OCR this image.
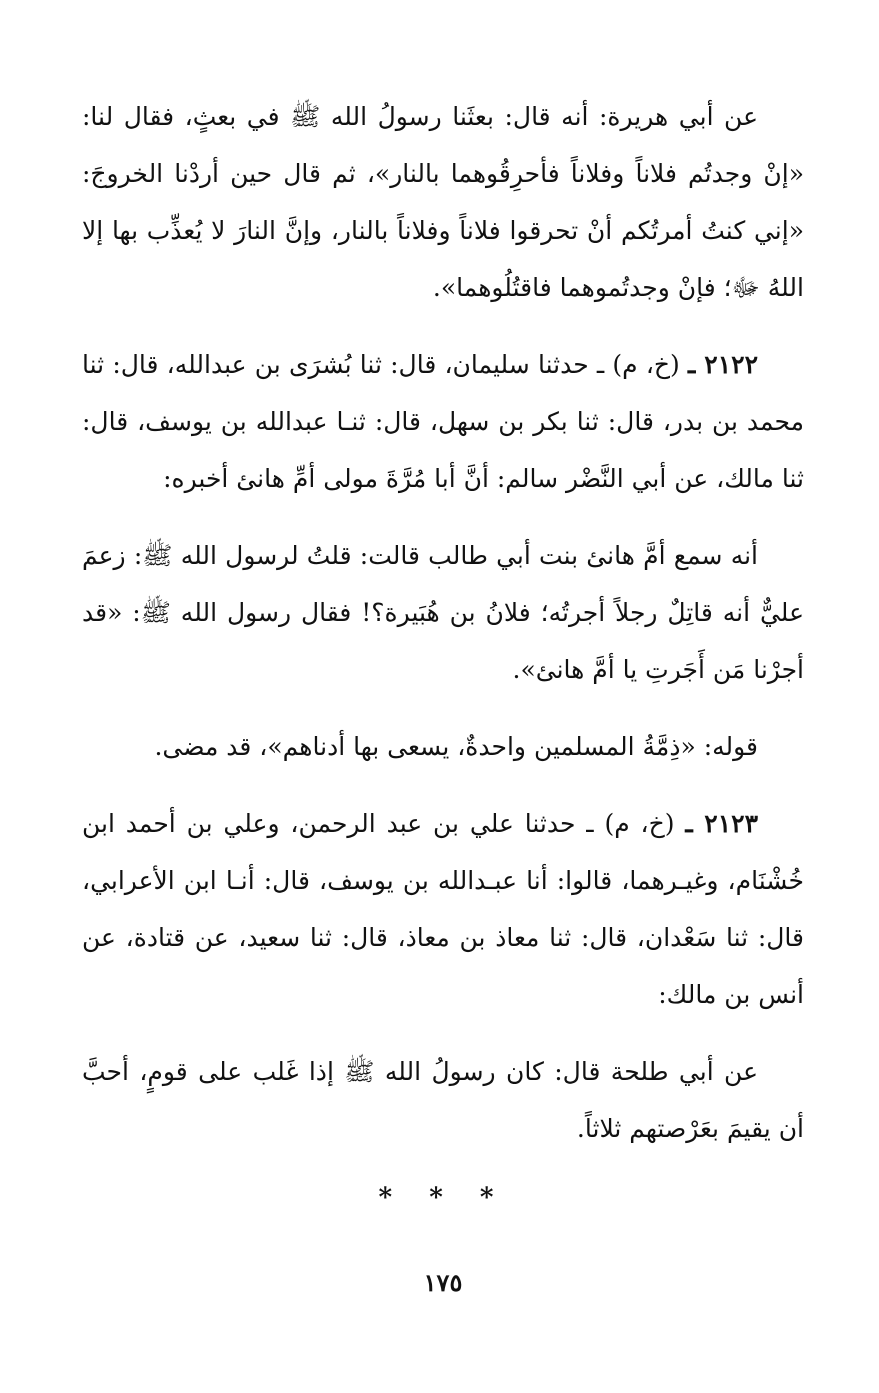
عن أبي هريرة: أنه قال: بعثَنا رسولُ الله ﷺ في بعثٍ، فقال لنا: «إنْ وجدتُم فلاناً وفلاناً فأحرِقُوهما بالنار»، ثم قال حين أردْنا الخروجَ: «إني كنتُ أمرتُكم أنْ تحرقوا فلاناً وفلاناً بالنار، وإنَّ النارَ لا يُعذِّب بها إلا اللهُ ﷻ؛ فإنْ وجدتُموهما فاقتُلُوهما».

٢١٢٢ ـ (خ، م) ـ حدثنا سليمان، قال: ثنا بُشرَى بن عبدالله، قال: ثنا محمد بن بدر، قال: ثنا بكر بن سهل، قال: ثنـا عبدالله بن يوسف، قال: ثنا مالك، عن أبي النَّضْر سالم: أنَّ أبا مُرَّةَ مولى أمِّ هانئ أخبره:

أنه سمع أمَّ هانئ بنت أبي طالب قالت: قلتُ لرسول الله ﷺ: زعمَ عليٌّ أنه قاتِلٌ رجلاً أجرتُه؛ فلانُ بن هُبَيرة؟! فقال رسول الله ﷺ: «قد أجرْنا مَن أَجَرتِ يا أمَّ هانئ».

قوله: «ذِمَّةُ المسلمين واحدةٌ، يسعى بها أدناهم»، قد مضى.

٢١٢٣ ـ (خ، م) ـ حدثنا علي بن عبد الرحمن، وعلي بن أحمد ابن خُشْنَام، وغيـرهما، قالوا: أنا عبـدالله بن يوسف، قال: أنـا ابن الأعرابي، قال: ثنا سَعْدان، قال: ثنا معاذ بن معاذ، قال: ثنا سعيد، عن قتادة، عن أنس بن مالك:

عن أبي طلحة قال: كان رسولُ الله ﷺ إذا غَلب على قومٍ، أحبَّ أن يقيمَ بعَرْصتهم ثلاثاً.

* * *
١٧٥
